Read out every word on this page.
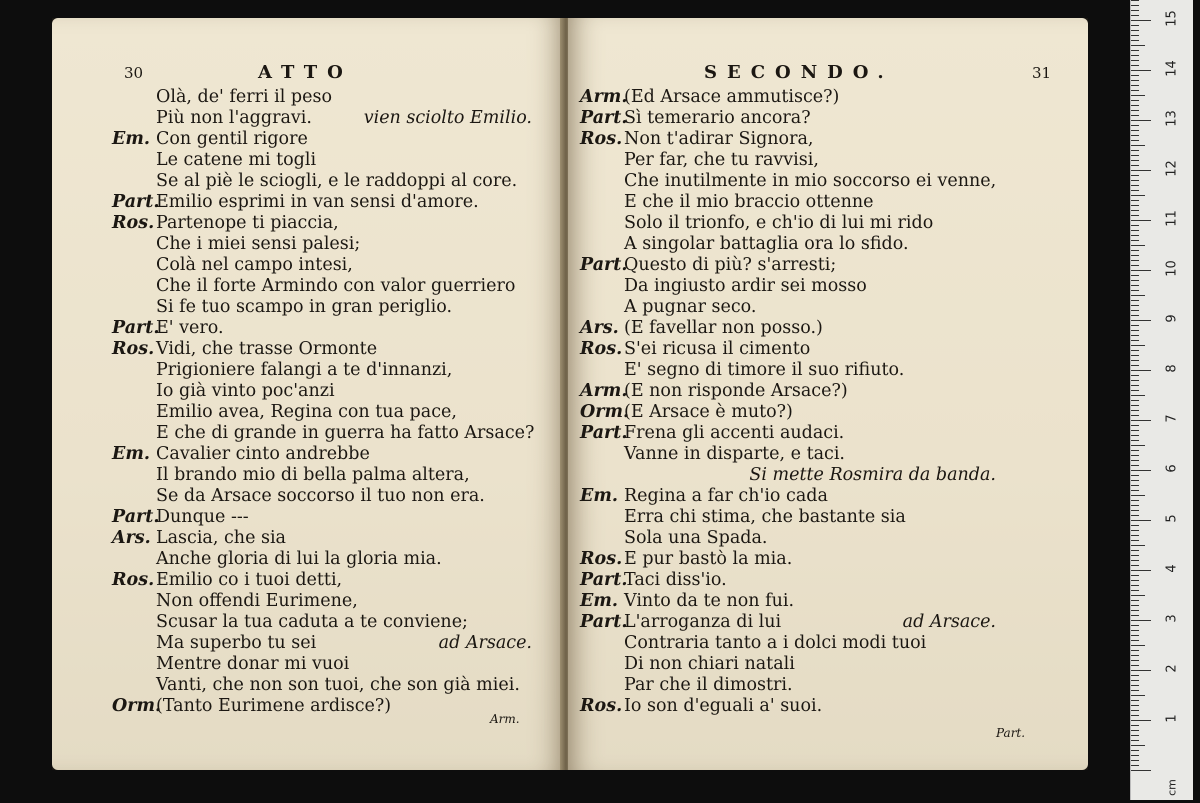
30	ATTO
Olà, de' ferri il peso
Più non l'aggravi.	vien sciolto Emilio.
Em. Con gentil rigore
Le catene mi togli
Se al piè le sciogli, e le raddoppi al core.
Part.Emilio esprimi in van sensi d'amore.
Ros. Partenope ti piaccia,
Che i miei sensi palesi;
Colà nel campo intesi,
Che il forte Armindo con valor guerriero
Si fe tuo scampo in gran periglio.
Part.E' vero.
Ros. Vidi, che trasse Ormonte
Prigioniere falangi a te d'innanzi,
Io già vinto poc'anzi
Emilio avea, Regina con tua pace,
E che di grande in guerra ha fatto Arsace?
Em. Cavalier cinto andrebbe
Il brando mio di bella palma altera,
Se da Arsace soccorso il tuo non era.
Part.Dunque ---
Ars. Lascia, che sia
Anche gloria di lui la gloria mia.
Ros. Emilio co i tuoi detti,
Non offendi Eurimene,
Scusar la tua caduta a te conviene;
Ma superbo tu sei	ad Arsace.
Mentre donar mi vuoi
Vanti, che non son tuoi, che son già miei.
Orm.(Tanto Eurimene ardisce?)
Arm.
SECONDO.	31
Arm.(Ed Arsace ammutisce?)
Part.Sì temerario ancora?
Ros. Non t'adirar Signora,
Per far, che tu ravvisi,
Che inutilmente in mio soccorso ei venne,
E che il mio braccio ottenne
Solo il trionfo, e ch'io di lui mi rido
A singolar battaglia ora lo sfido.
Part.Questo di più? s'arresti;
Da ingiusto ardir sei mosso
A pugnar seco.
Ars. (E favellar non posso.)
Ros. S'ei ricusa il cimento
E' segno di timore il suo rifiuto.
Arm.(E non risponde Arsace?)
Orm.(E Arsace è muto?)
Part.Frena gli accenti audaci.
Vanne in disparte, e taci.
Si mette Rosmira da banda.
Em. Regina a far ch'io cada
Erra chi stima, che bastante sia
Sola una Spada.
Ros. E pur bastò la mia.
Part.Taci diss'io.
Em. Vinto da te non fui.
Part.L'arroganza di lui	ad Arsace.
Contraria tanto a i dolci modi tuoi
Di non chiari natali
Par che il dimostri.
Ros. Io son d'eguali a' suoi.
Part.
cm
1
2
3
4
5
6
7
8
9
10
11
12
13
14
15
